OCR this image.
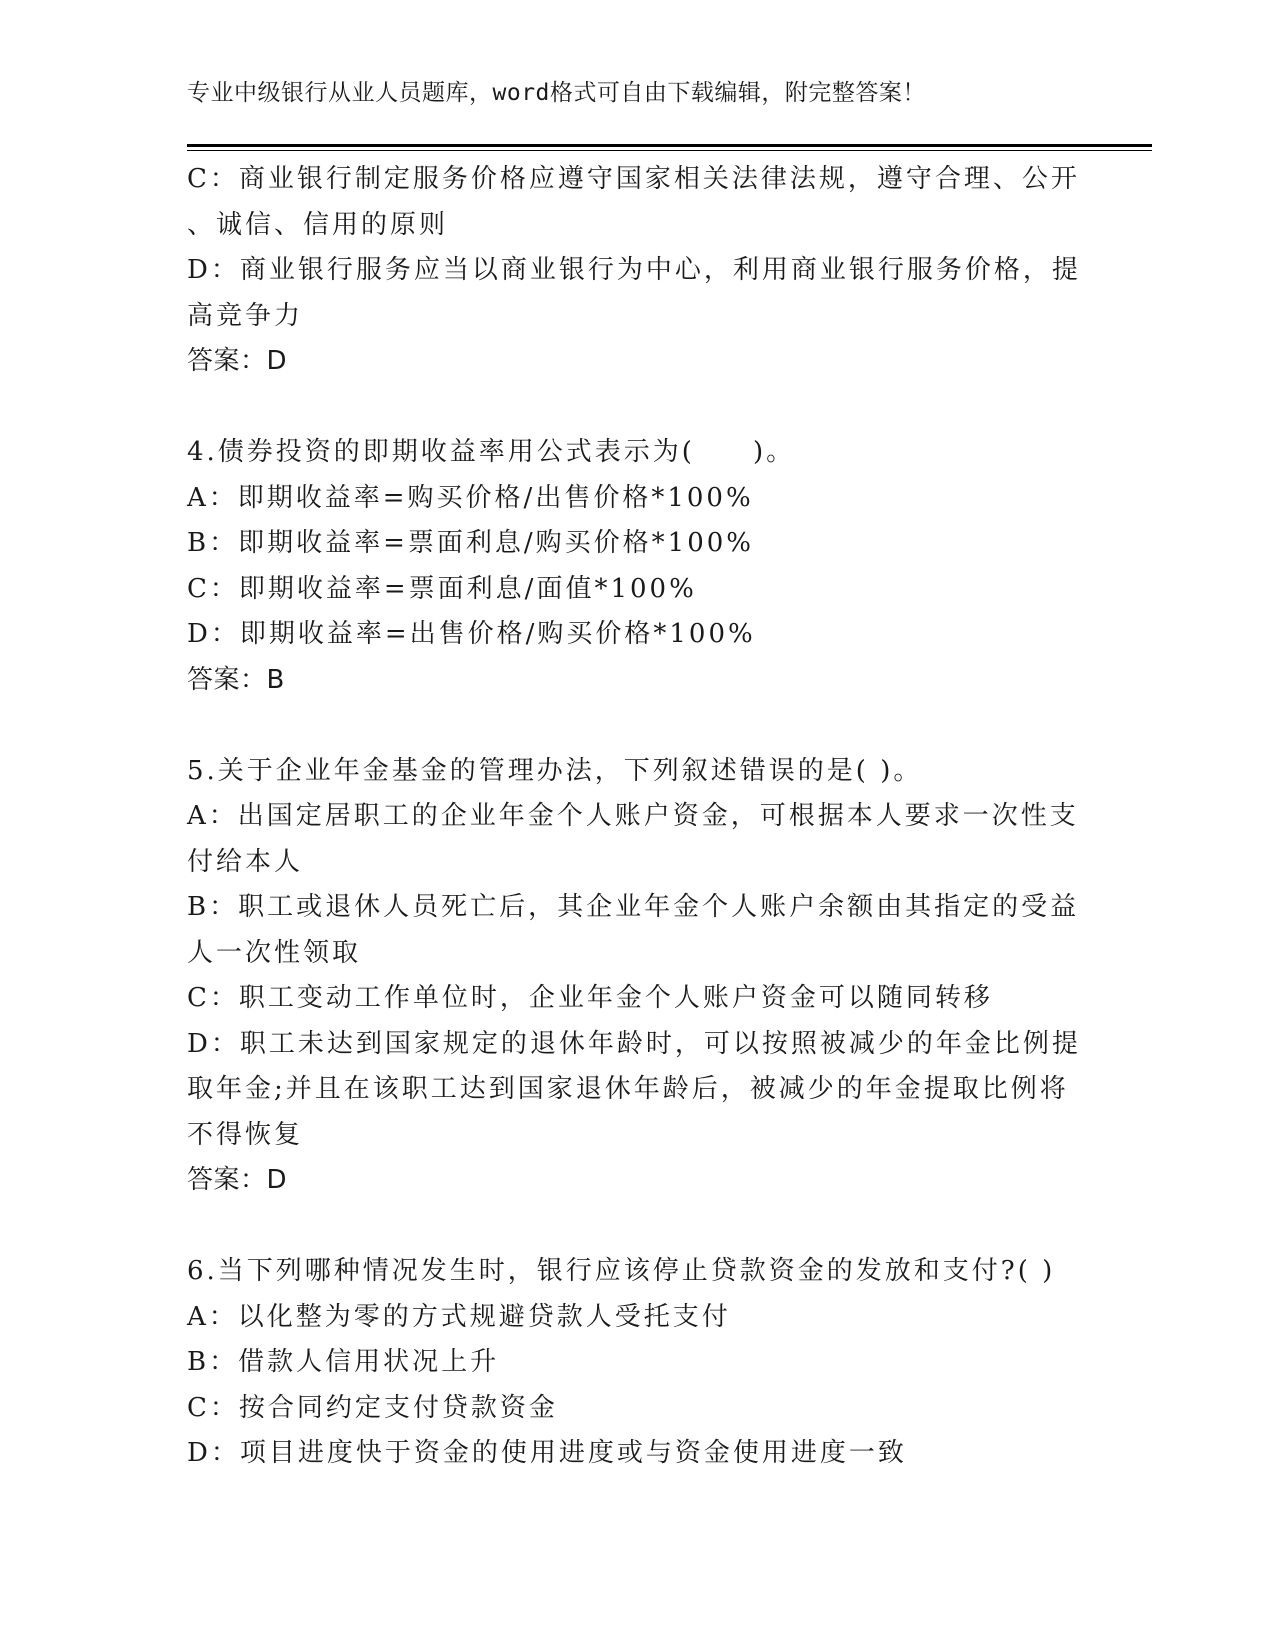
专业中级银行从业人员题库，word格式可自由下载编辑，附完整答案！
C：商业银行制定服务价格应遵守国家相关法律法规，遵守合理、公开
、诚信、信用的原则
D：商业银行服务应当以商业银行为中心，利用商业银行服务价格，提
高竞争力
答案：D
4.债券投资的即期收益率用公式表示为(　　)。
A：即期收益率=购买价格/出售价格*100%
B：即期收益率=票面利息/购买价格*100%
C：即期收益率=票面利息/面值*100%
D：即期收益率=出售价格/购买价格*100%
答案：B
5.关于企业年金基金的管理办法，下列叙述错误的是( )。
A：出国定居职工的企业年金个人账户资金，可根据本人要求一次性支
付给本人
B：职工或退休人员死亡后，其企业年金个人账户余额由其指定的受益
人一次性领取
C：职工变动工作单位时，企业年金个人账户资金可以随同转移
D：职工未达到国家规定的退休年龄时，可以按照被减少的年金比例提
取年金;并且在该职工达到国家退休年龄后，被减少的年金提取比例将
不得恢复
答案：D
6.当下列哪种情况发生时，银行应该停止贷款资金的发放和支付?( )
A：以化整为零的方式规避贷款人受托支付
B：借款人信用状况上升
C：按合同约定支付贷款资金
D：项目进度快于资金的使用进度或与资金使用进度一致
